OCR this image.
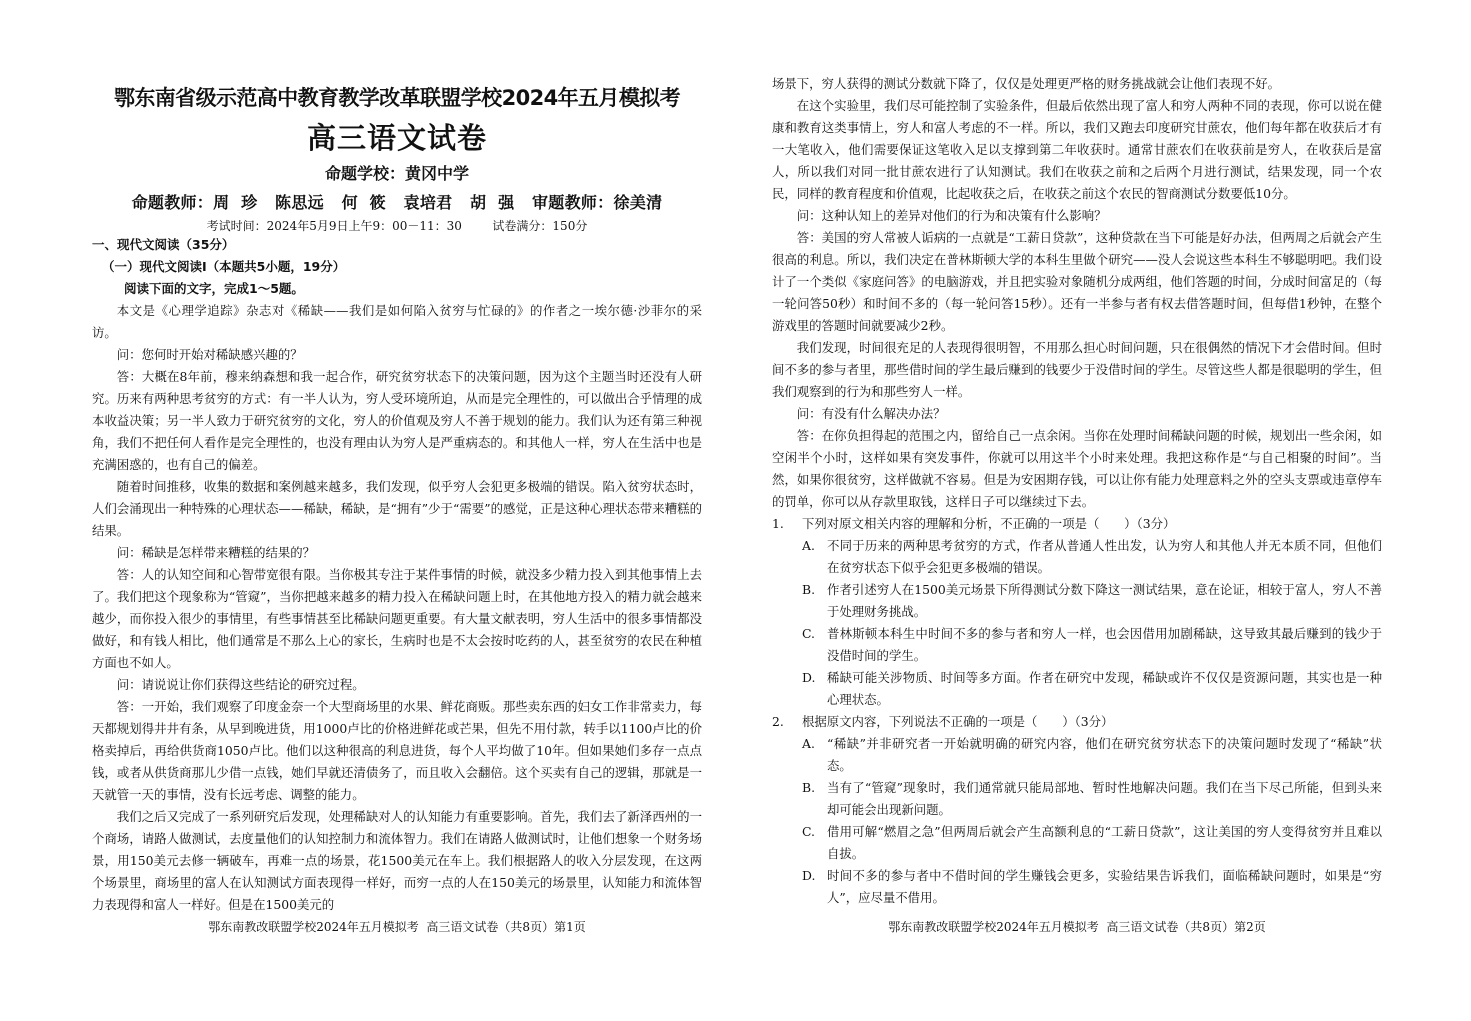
鄂东南省级示范高中教育教学改革联盟学校2024年五月模拟考
高三语文试卷
命题学校：黄冈中学
命题教师：周  珍   陈思远   何  筱   袁培君   胡  强   审题教师：徐美清
考试时间：2024年5月9日上午9：00－11：30        试卷满分：150分
一、现代文阅读（35分）
（一）现代文阅读Ⅰ（本题共5小题，19分）
阅读下面的文字，完成1～5题。

本文是《心理学追踪》杂志对《稀缺——我们是如何陷入贫穷与忙碌的》的作者之一埃尔德·沙菲尔的采访。

问：您何时开始对稀缺感兴趣的？

答：大概在8年前，穆来纳森想和我一起合作，研究贫穷状态下的决策问题，因为这个主题当时还没有人研究。历来有两种思考贫穷的方式：有一半人认为，穷人受环境所迫，从而是完全理性的，可以做出合乎情理的成本收益决策；另一半人致力于研究贫穷的文化，穷人的价值观及穷人不善于规划的能力。我们认为还有第三种视角，我们不把任何人看作是完全理性的，也没有理由认为穷人是严重病态的。和其他人一样，穷人在生活中也是充满困惑的，也有自己的偏差。

随着时间推移，收集的数据和案例越来越多，我们发现，似乎穷人会犯更多极端的错误。陷入贫穷状态时，人们会涌现出一种特殊的心理状态——稀缺，稀缺，是“拥有”少于“需要”的感觉，正是这种心理状态带来糟糕的结果。

问：稀缺是怎样带来糟糕的结果的？

答：人的认知空间和心智带宽很有限。当你极其专注于某件事情的时候，就没多少精力投入到其他事情上去了。我们把这个现象称为“管窥”，当你把越来越多的精力投入在稀缺问题上时，在其他地方投入的精力就会越来越少，而你投入很少的事情里，有些事情甚至比稀缺问题更重要。有大量文献表明，穷人生活中的很多事情都没做好，和有钱人相比，他们通常是不那么上心的家长，生病时也是不太会按时吃药的人，甚至贫穷的农民在种植方面也不如人。

问：请说说让你们获得这些结论的研究过程。

答：一开始，我们观察了印度金奈一个大型商场里的水果、鲜花商贩。那些卖东西的妇女工作非常卖力，每天都规划得井井有条，从早到晚进货，用1000卢比的价格进鲜花或芒果，但先不用付款，转手以1100卢比的价格卖掉后，再给供货商1050卢比。他们以这种很高的利息进货，每个人平均做了10年。但如果她们多存一点点钱，或者从供货商那儿少借一点钱，她们早就还清债务了，而且收入会翻倍。这个买卖有自己的逻辑，那就是一天就管一天的事情，没有长远考虑、调整的能力。

我们之后又完成了一系列研究后发现，处理稀缺对人的认知能力有重要影响。首先，我们去了新泽西州的一个商场，请路人做测试，去度量他们的认知控制力和流体智力。我们在请路人做测试时，让他们想象一个财务场景，用150美元去修一辆破车，再难一点的场景，花1500美元在车上。我们根据路人的收入分层发现，在这两个场景里，商场里的富人在认知测试方面表现得一样好，而穷一点的人在150美元的场景里，认知能力和流体智力表现得和富人一样好。但是在1500美元的

鄂东南教改联盟学校2024年五月模拟考  高三语文试卷（共8页）第1页

场景下，穷人获得的测试分数就下降了，仅仅是处理更严格的财务挑战就会让他们表现不好。

在这个实验里，我们尽可能控制了实验条件，但最后依然出现了富人和穷人两种不同的表现，你可以说在健康和教育这类事情上，穷人和富人考虑的不一样。所以，我们又跑去印度研究甘蔗农，他们每年都在收获后才有一大笔收入，他们需要保证这笔收入足以支撑到第二年收获时。通常甘蔗农们在收获前是穷人，在收获后是富人，所以我们对同一批甘蔗农进行了认知测试。我们在收获之前和之后两个月进行测试，结果发现，同一个农民，同样的教育程度和价值观，比起收获之后，在收获之前这个农民的智商测试分数要低10分。

问：这种认知上的差异对他们的行为和决策有什么影响？

答：美国的穷人常被人诟病的一点就是“工薪日贷款”，这种贷款在当下可能是好办法，但两周之后就会产生很高的利息。所以，我们决定在普林斯顿大学的本科生里做个研究——没人会说这些本科生不够聪明吧。我们设计了一个类似《家庭问答》的电脑游戏，并且把实验对象随机分成两组，他们答题的时间，分成时间富足的（每一轮问答50秒）和时间不多的（每一轮问答15秒）。还有一半参与者有权去借答题时间，但每借1秒钟，在整个游戏里的答题时间就要减少2秒。

我们发现，时间很充足的人表现得很明智，不用那么担心时间问题，只在很偶然的情况下才会借时间。但时间不多的参与者里，那些借时间的学生最后赚到的钱要少于没借时间的学生。尽管这些人都是很聪明的学生，但我们观察到的行为和那些穷人一样。

问：有没有什么解决办法？

答：在你负担得起的范围之内，留给自己一点余闲。当你在处理时间稀缺问题的时候，规划出一些余闲，如空闲半个小时，这样如果有突发事件，你就可以用这半个小时来处理。我把这称作是“与自己相聚的时间”。当然，如果你很贫穷，这样做就不容易。但是为安困期存钱，可以让你有能力处理意料之外的空头支票或违章停车的罚单，你可以从存款里取钱，这样日子可以继续过下去。

1. 下列对原文相关内容的理解和分析，不正确的一项是（　　）（3分）
A. 不同于历来的两种思考贫穷的方式，作者从普通人性出发，认为穷人和其他人并无本质不同，但他们在贫穷状态下似乎会犯更多极端的错误。
B. 作者引述穷人在1500美元场景下所得测试分数下降这一测试结果，意在论证，相较于富人，穷人不善于处理财务挑战。
C. 普林斯顿本科生中时间不多的参与者和穷人一样，也会因借用加剧稀缺，这导致其最后赚到的钱少于没借时间的学生。
D. 稀缺可能关涉物质、时间等多方面。作者在研究中发现，稀缺或许不仅仅是资源问题，其实也是一种心理状态。
2. 根据原文内容，下列说法不正确的一项是（　　）（3分）
A. “稀缺”并非研究者一开始就明确的研究内容，他们在研究贫穷状态下的决策问题时发现了“稀缺”状态。
B. 当有了“管窥”现象时，我们通常就只能局部地、暂时性地解决问题。我们在当下尽己所能，但到头来却可能会出现新问题。
C. 借用可解“燃眉之急”但两周后就会产生高额利息的“工薪日贷款”，这让美国的穷人变得贫穷并且难以自拔。
D. 时间不多的参与者中不借时间的学生赚钱会更多，实验结果告诉我们，面临稀缺问题时，如果是“穷人”，应尽量不借用。
鄂东南教改联盟学校2024年五月模拟考  高三语文试卷（共8页）第2页
